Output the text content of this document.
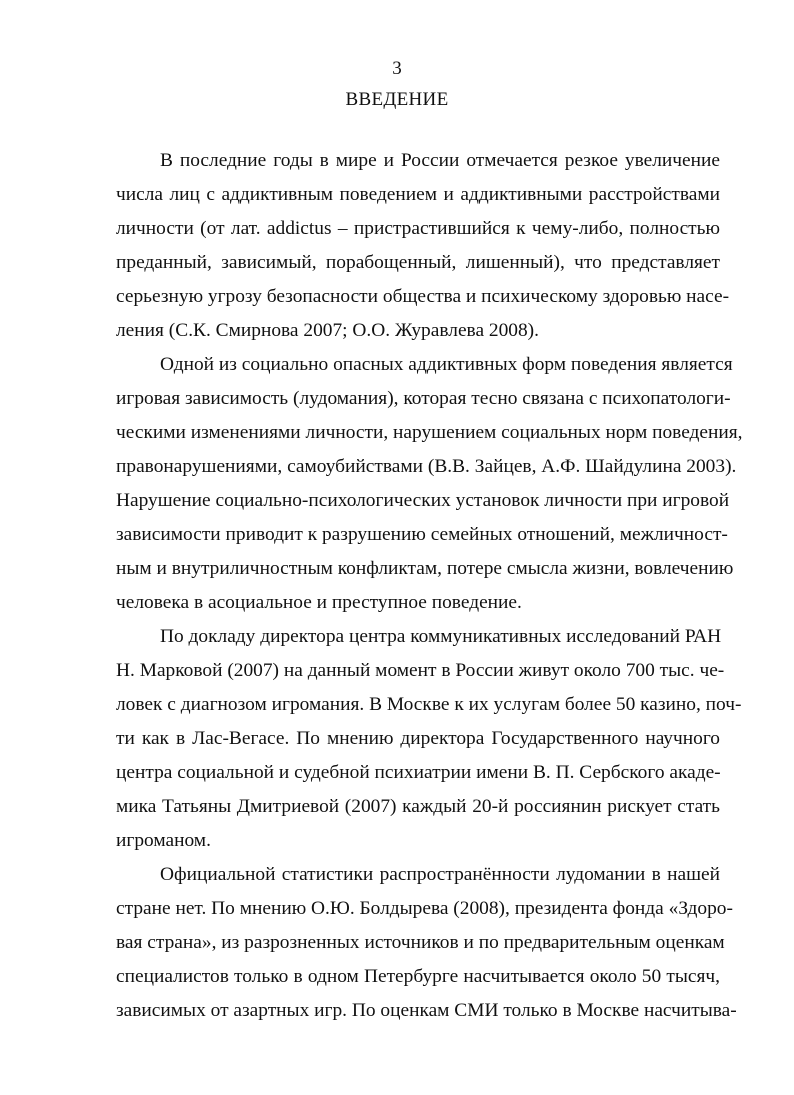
3
ВВЕДЕНИЕ
В последние годы в мире и России отмечается резкое увеличение
числа лиц с аддиктивным поведением и аддиктивными расстройствами
личности (от лат. addictus – пристрастившийся к чему-либо, полностью
преданный, зависимый, порабощенный, лишенный), что представляет
серьезную угрозу безопасности общества и психическому здоровью насе-
ления (С.К. Смирнова 2007; О.О. Журавлева 2008).
Одной из социально опасных аддиктивных форм поведения является
игровая зависимость (лудомания), которая тесно связана с психопатологи-
ческими изменениями личности, нарушением социальных норм поведения,
правонарушениями, самоубийствами (В.В. Зайцев, А.Ф. Шайдулина 2003).
Нарушение социально-психологических установок личности при игровой
зависимости приводит к разрушению семейных отношений, межличност-
ным и внутриличностным конфликтам, потере смысла жизни, вовлечению
человека в асоциальное и преступное поведение.
По докладу директора центра коммуникативных исследований РАН
Н. Марковой (2007) на данный момент в России живут около 700 тыс. че-
ловек с диагнозом игромания. В Москве к их услугам более 50 казино, поч-
ти как в Лас-Вегасе. По мнению директора Государственного научного
центра социальной и судебной психиатрии имени В. П. Сербского акаде-
мика Татьяны Дмитриевой (2007) каждый 20-й россиянин рискует стать
игроманом.
Официальной статистики распространённости лудомании в нашей
стране нет. По мнению О.Ю. Болдырева (2008), президента фонда «Здоро-
вая страна», из разрозненных источников и по предварительным оценкам
специалистов только в одном Петербурге насчитывается около 50 тысяч,
зависимых от азартных игр. По оценкам СМИ только в Москве насчитыва-
